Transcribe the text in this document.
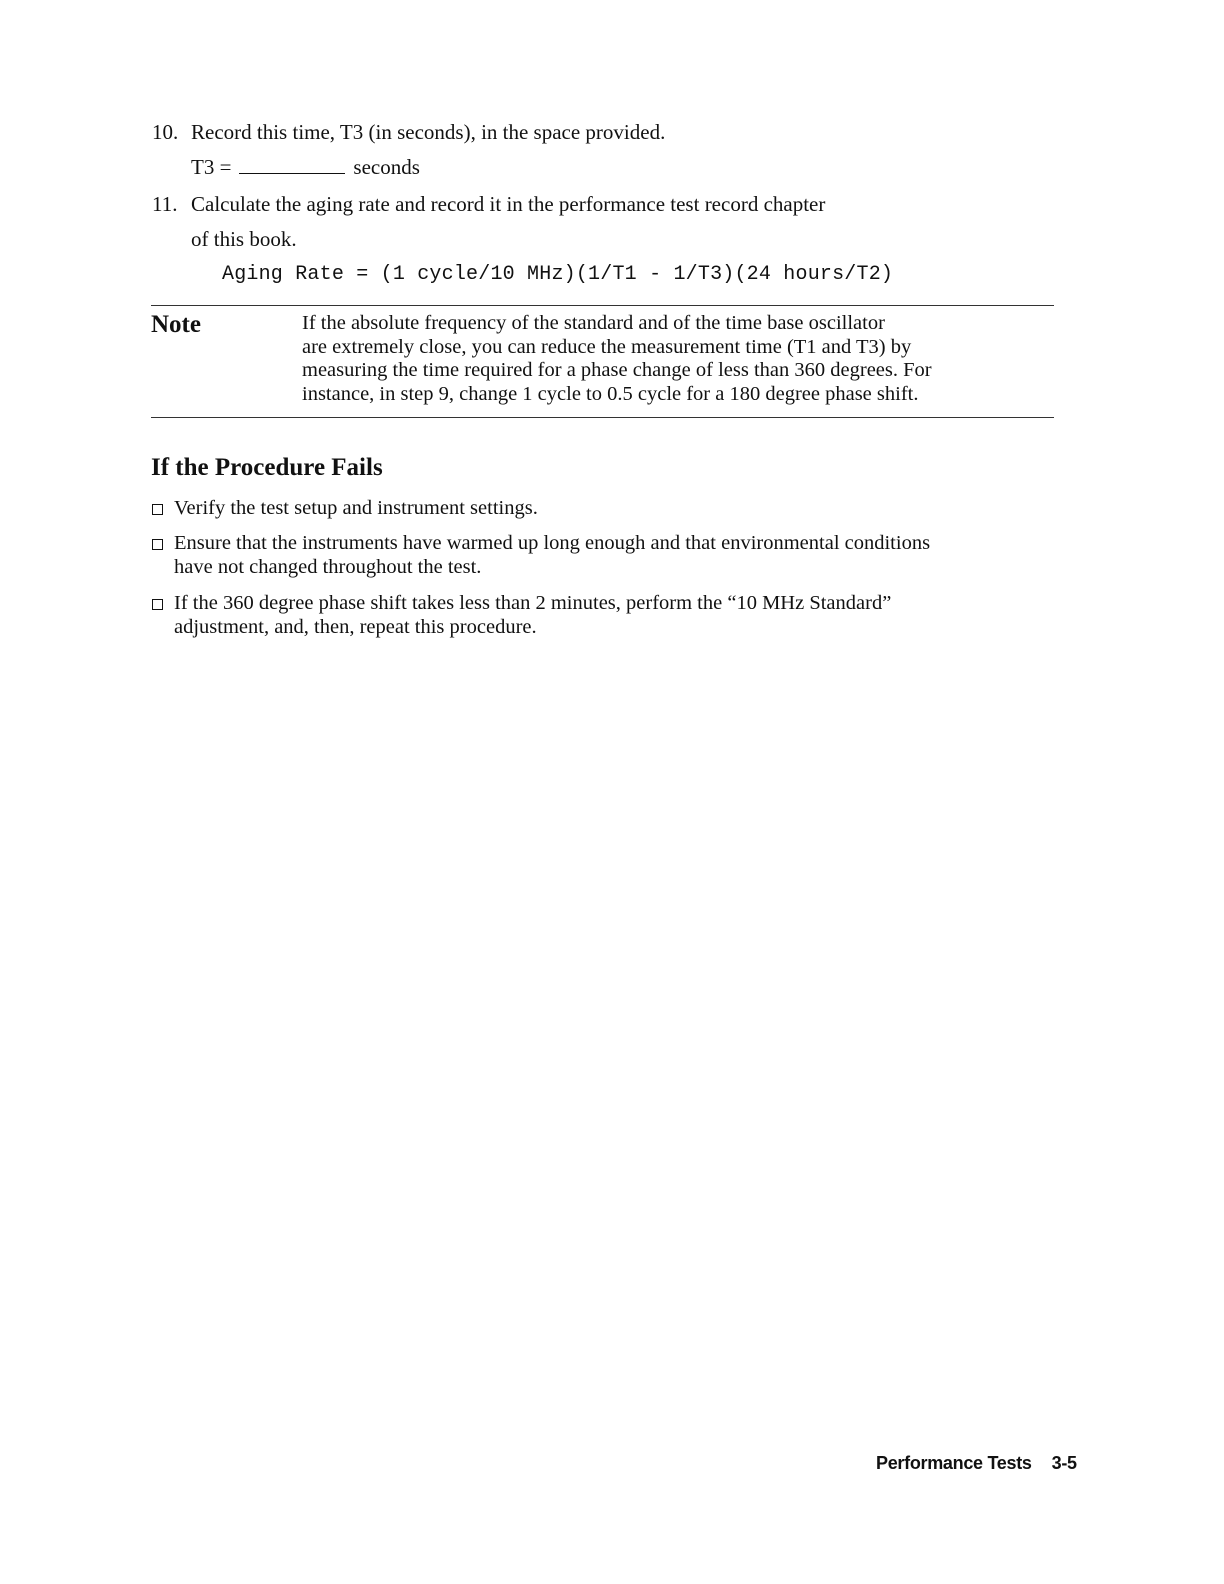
10. Record this time, T3 (in seconds), in the space provided.
T3 =	seconds
11. Calculate the aging rate and record it in the performance test record chapter
of this book.
Aging Rate = (1 cycle/10 MHz)(1/T1 - 1/T3)(24 hours/T2)
Note	If the absolute frequency of the standard and of the time base oscillator
are extremely close, you can reduce the measurement time (T1 and T3) by
measuring the time required for a phase change of less than 360 degrees. For
instance, in step 9, change 1 cycle to 0.5 cycle for a 180 degree phase shift.
If the Procedure Fails
Verify the test setup and instrument settings.
Ensure that the instruments have warmed up long enough and that environmental conditions
have not changed throughout the test.
If the 360 degree phase shift takes less than 2 minutes, perform the “10 MHz Standard”
adjustment, and, then, repeat this procedure.
Performance Tests 3-5
